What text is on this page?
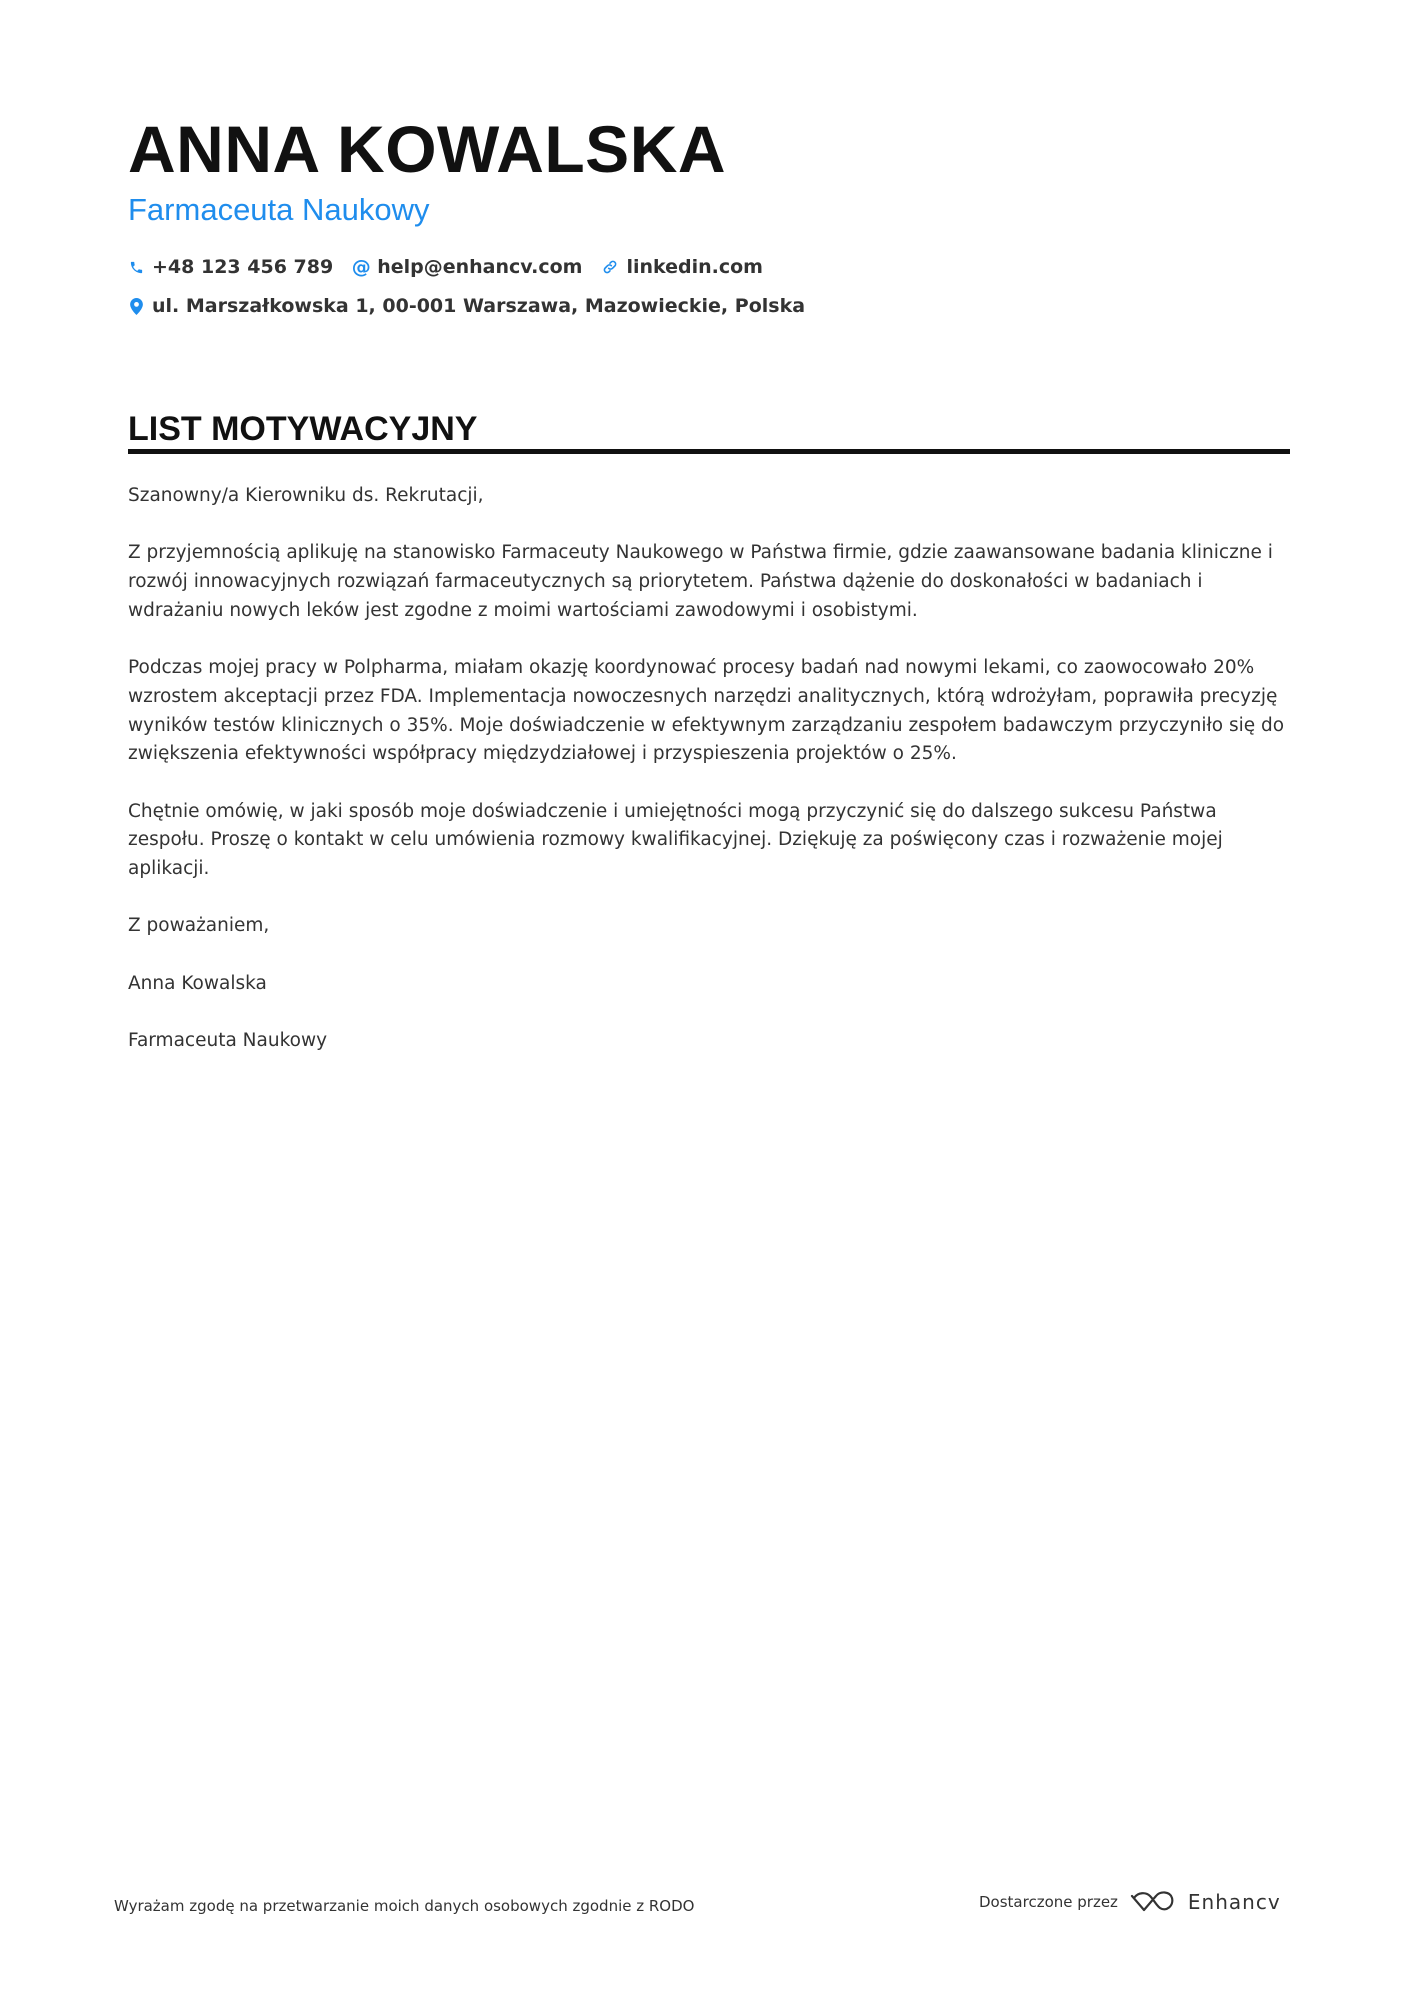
ANNA KOWALSKA
Farmaceuta Naukowy
+48 123 456 789 @ help@enhancv.com linkedin.com
ul. Marszałkowska 1, 00-001 Warszawa, Mazowieckie, Polska
LIST MOTYWACYJNY

Szanowny/a Kierowniku ds. Rekrutacji,

Z przyjemnością aplikuję na stanowisko Farmaceuty Naukowego w Państwa firmie, gdzie zaawansowane badania kliniczne i rozwój innowacyjnych rozwiązań farmaceutycznych są priorytetem. Państwa dążenie do doskonałości w badaniach i wdrażaniu nowych leków jest zgodne z moimi wartościami zawodowymi i osobistymi.

Podczas mojej pracy w Polpharma, miałam okazję koordynować procesy badań nad nowymi lekami, co zaowocowało 20% wzrostem akceptacji przez FDA. Implementacja nowoczesnych narzędzi analitycznych, którą wdrożyłam, poprawiła precyzję wyników testów klinicznych o 35%. Moje doświadczenie w efektywnym zarządzaniu zespołem badawczym przyczyniło się do zwiększenia efektywności współpracy międzydziałowej i przyspieszenia projektów o 25%.

Chętnie omówię, w jaki sposób moje doświadczenie i umiejętności mogą przyczynić się do dalszego sukcesu Państwa zespołu. Proszę o kontakt w celu umówienia rozmowy kwalifikacyjnej. Dziękuję za poświęcony czas i rozważenie mojej aplikacji.

Z poważaniem,

Anna Kowalska

Farmaceuta Naukowy

Wyrażam zgodę na przetwarzanie moich danych osobowych zgodnie z RODO	Dostarczone przez	Enhancv
